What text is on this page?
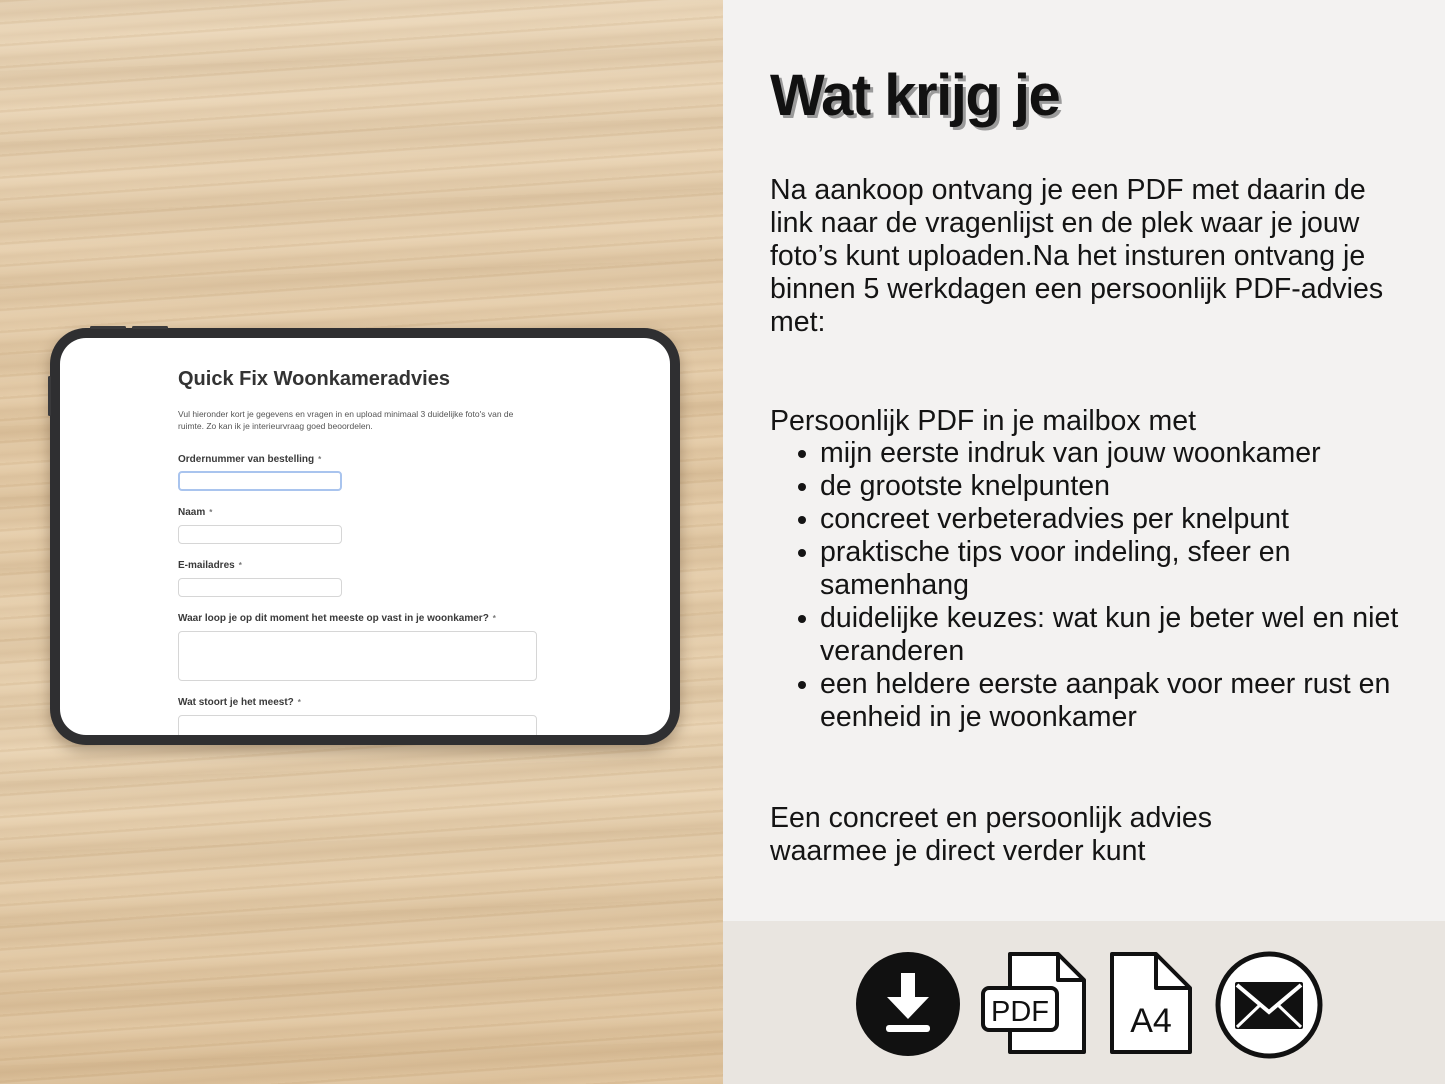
Quick Fix Woonkameradvies
Vul hieronder kort je gegevens en vragen in en upload minimaal 3 duidelijke foto's van de ruimte. Zo kan ik je interieurvraag goed beoordelen.
Ordernummer van bestelling *
Naam *
E-mailadres *
Waar loop je op dit moment het meeste op vast in je woonkamer? *
Wat stoort je het meest? *
Wat krijg je
Na aankoop ontvang je een PDF met daarin de link naar de vragenlijst en de plek waar je jouw foto’s kunt uploaden.Na het insturen ontvang je binnen 5 werkdagen een persoonlijk PDF-advies met:
Persoonlijk PDF in je mailbox met
mijn eerste indruk van jouw woonkamer
de grootste knelpunten
concreet verbeteradvies per knelpunt
praktische tips voor indeling, sfeer en samenhang
duidelijke keuzes: wat kun je beter wel en niet veranderen
een heldere eerste aanpak voor meer rust en eenheid in je woonkamer
Een concreet en persoonlijk advies waarmee je direct verder kunt
PDF A4
